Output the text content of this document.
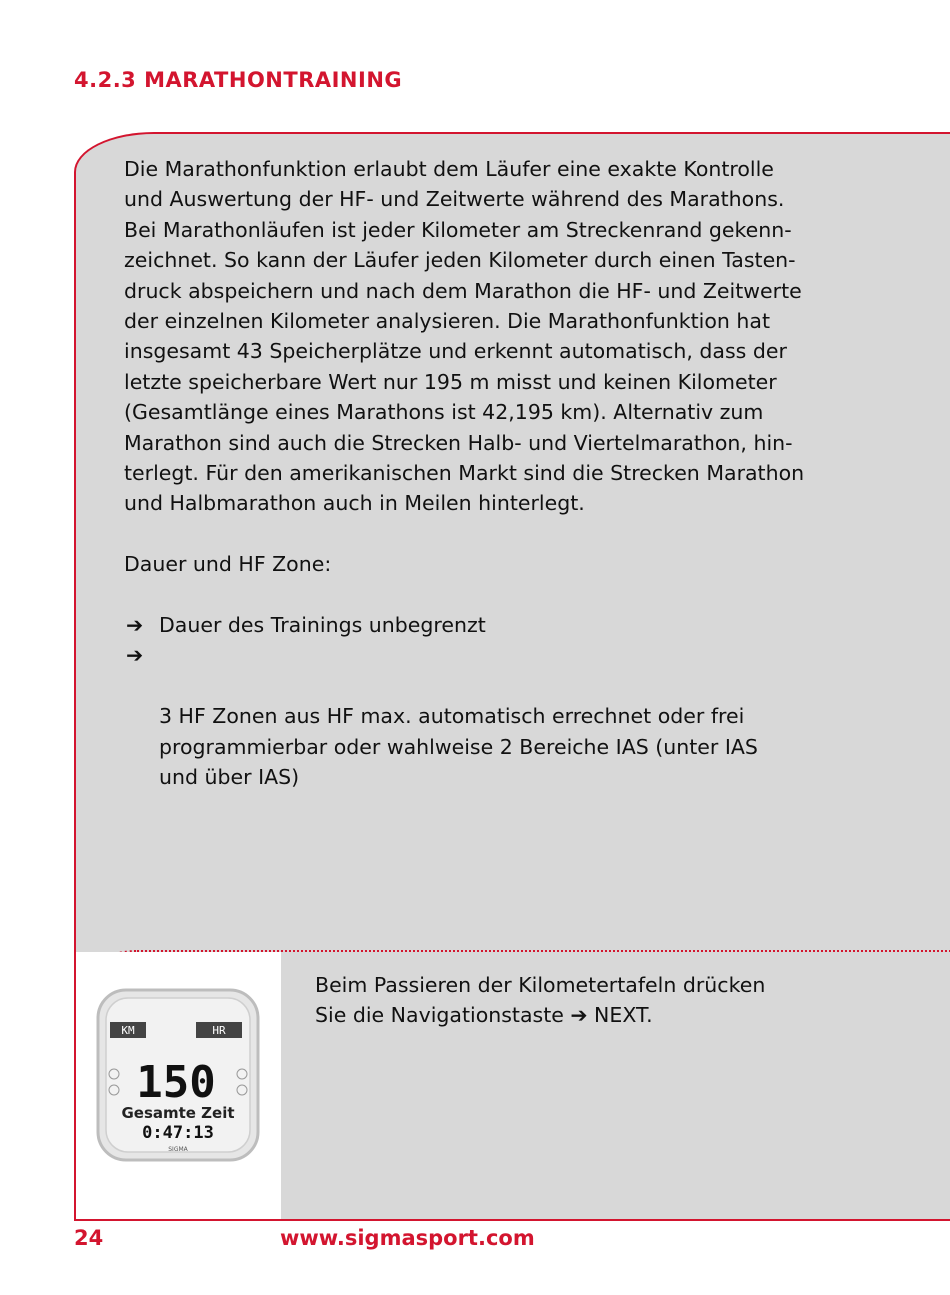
4.2.3 MARATHONTRAINING

Die Marathonfunktion erlaubt dem Läufer eine exakte Kontrolle
und Auswertung der HF- und Zeitwerte während des Marathons.
Bei Marathonläufen ist jeder Kilometer am Streckenrand gekenn-
zeichnet. So kann der Läufer jeden Kilometer durch einen Tasten-
druck abspeichern und nach dem Marathon die HF- und Zeitwerte
der einzelnen Kilometer analysieren. Die Marathonfunktion hat
insgesamt 43 Speicherplätze und erkennt automatisch, dass der
letzte speicherbare Wert nur 195 m misst und keinen Kilometer
(Gesamtlänge eines Marathons ist 42,195 km). Alternativ zum
Marathon sind auch die Strecken Halb- und Viertelmarathon, hin-
terlegt. Für den amerikanischen Markt sind die Strecken Marathon
und Halbmarathon auch in Meilen hinterlegt.

Dauer und HF Zone:

➔ Dauer des Trainings unbegrenzt

➔

3 HF Zonen aus HF max. automatisch errechnet oder frei
programmierbar oder wahlweise 2 Bereiche IAS (unter IAS
und über IAS)

KM	HR
150
Gesamte Zeit
0:47:13
SIGMA
Beim Passieren der Kilometertafeln drücken
Sie die Navigationstaste ➔ NEXT.
24	www.sigmasport.com
